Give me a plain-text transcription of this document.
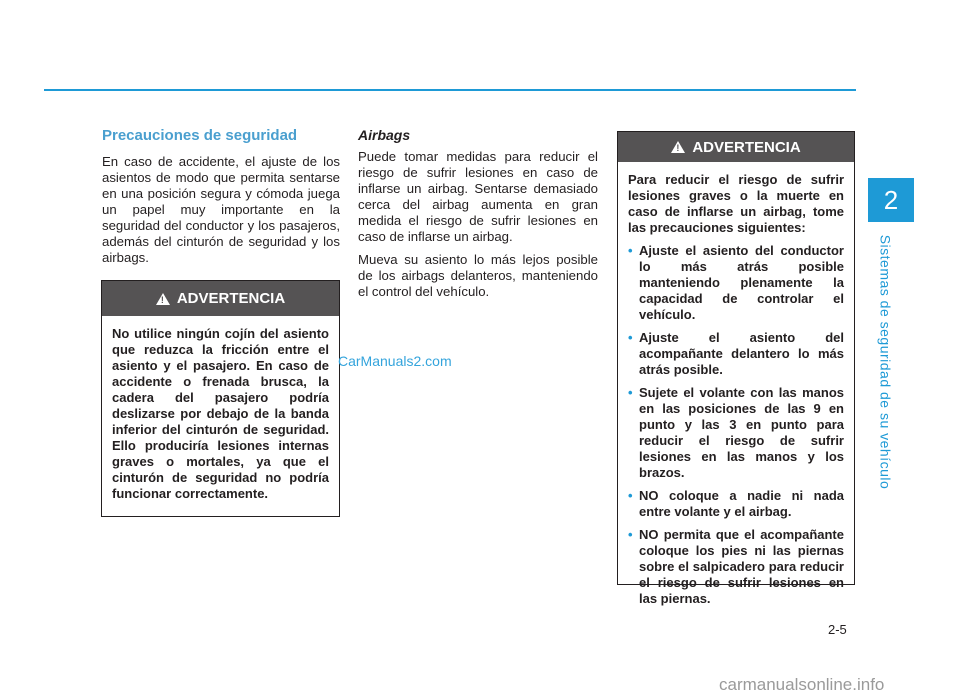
2
Sistemas de seguridad de su vehículo
Precauciones de seguridad

En caso de accidente, el ajuste de los asientos de modo que permita sentarse en una posición segura y cómoda juega un papel muy importante en la seguridad del conductor y los pasajeros, además del cinturón de seguridad y los airbags.

!
ADVERTENCIA
No utilice ningún cojín del asiento que reduzca la fricción entre el asiento y el pasajero. En caso de accidente o frenada brusca, la cadera del pasajero podría deslizarse por debajo de la banda inferior del cinturón de seguridad. Ello produciría lesiones internas graves o mortales, ya que el cinturón de seguridad no podría funcionar correctamente.
Airbags

Puede tomar medidas para reducir el riesgo de sufrir lesiones en caso de inflarse un airbag. Sentarse demasiado cerca del airbag aumenta en gran medida el riesgo de sufrir lesiones en caso de inflarse un airbag.

Mueva su asiento lo más lejos posible de los airbags delanteros, manteniendo el control del vehículo.

!
ADVERTENCIA
Para reducir el riesgo de sufrir lesiones graves o la muerte en caso de inflarse un airbag, tome las precauciones siguientes:
• Ajuste el asiento del conductor lo más atrás posible manteniendo plenamente la capacidad de controlar el vehículo.
• Ajuste el asiento del acompañante delantero lo más atrás posible.
• Sujete el volante con las manos en las posiciones de las 9 en punto y las 3 en punto para reducir el riesgo de sufrir lesiones en las manos y los brazos.
• NO coloque a nadie ni nada entre volante y el airbag.
• NO permita que el acompañante coloque los pies ni las piernas sobre el salpicadero para reducir el riesgo de sufrir lesiones en las piernas.
CarManuals2.com
2-5
carmanualsonline.info
